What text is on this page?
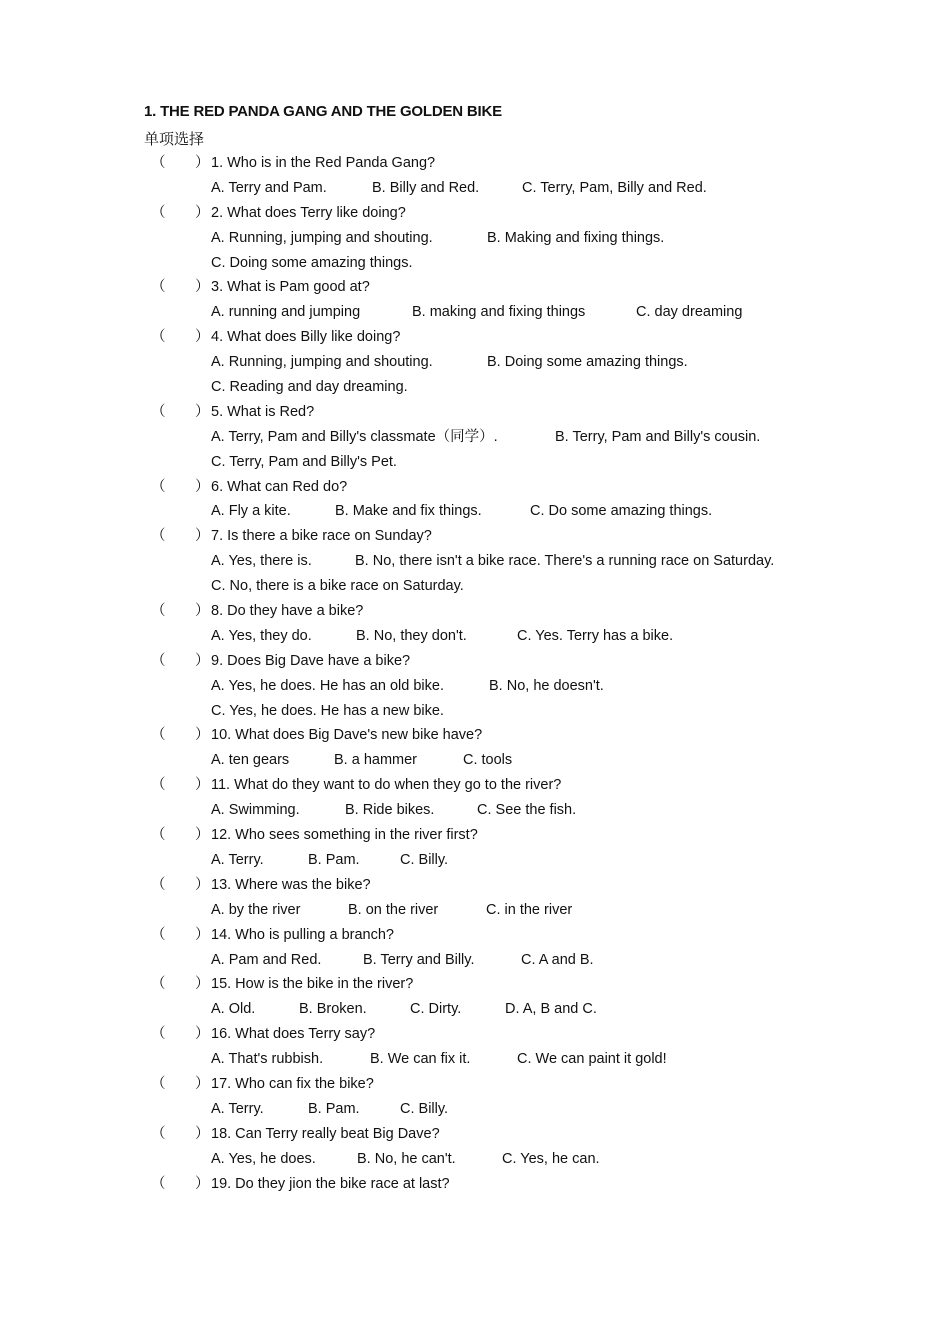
1. THE RED PANDA GANG AND THE GOLDEN BIKE
单项选择
（ ） 1. Who is in the Red Panda Gang?
A. Terry and Pam.	B. Billy and Red.	C. Terry, Pam, Billy and Red.
（ ） 2. What does Terry like doing?
A. Running, jumping and shouting.	B. Making and fixing things.
C. Doing some amazing things.
（ ） 3. What is Pam good at?
A. running and jumping	B. making and fixing things	C. day dreaming
（ ） 4. What does Billy like doing?
A. Running, jumping and shouting.	B. Doing some amazing things.
C. Reading and day dreaming.
（ ） 5. What is Red?
A. Terry, Pam and Billy's classmate（同学）.	B. Terry, Pam and Billy's cousin.
C. Terry, Pam and Billy's Pet.
（ ） 6. What can Red do?
A. Fly a kite.	B. Make and fix things.	C. Do some amazing things.
（ ） 7. Is there a bike race on Sunday?
A. Yes, there is.	B. No, there isn't a bike race. There's a running race on Saturday.
C. No, there is a bike race on Saturday.
（ ） 8. Do they have a bike?
A. Yes, they do.	B. No, they don't.	C. Yes. Terry has a bike.
（ ） 9. Does Big Dave have a bike?
A. Yes, he does. He has an old bike.	B. No, he doesn't.
C. Yes, he does. He has a new bike.
（ ） 10. What does Big Dave's new bike have?
A. ten gears	B. a hammer	C. tools
（ ） 11. What do they want to do when they go to the river?
A. Swimming.	B. Ride bikes.	C. See the fish.
（ ） 12. Who sees something in the river first?
A. Terry.	B. Pam.	C. Billy.
（ ） 13. Where was the bike?
A. by the river	B. on the river	C. in the river
（ ） 14. Who is pulling a branch?
A. Pam and Red.	B. Terry and Billy.	C. A and B.
（ ） 15. How is the bike in the river?
A. Old.	B. Broken.	C. Dirty.	D. A, B and C.
（ ） 16. What does Terry say?
A. That's rubbish.	B. We can fix it.	C. We can paint it gold!
（ ） 17. Who can fix the bike?
A. Terry.	B. Pam.	C. Billy.
（ ） 18. Can Terry really beat Big Dave?
A. Yes, he does.	B. No, he can't.	C. Yes, he can.
（ ） 19. Do they jion the bike race at last?
